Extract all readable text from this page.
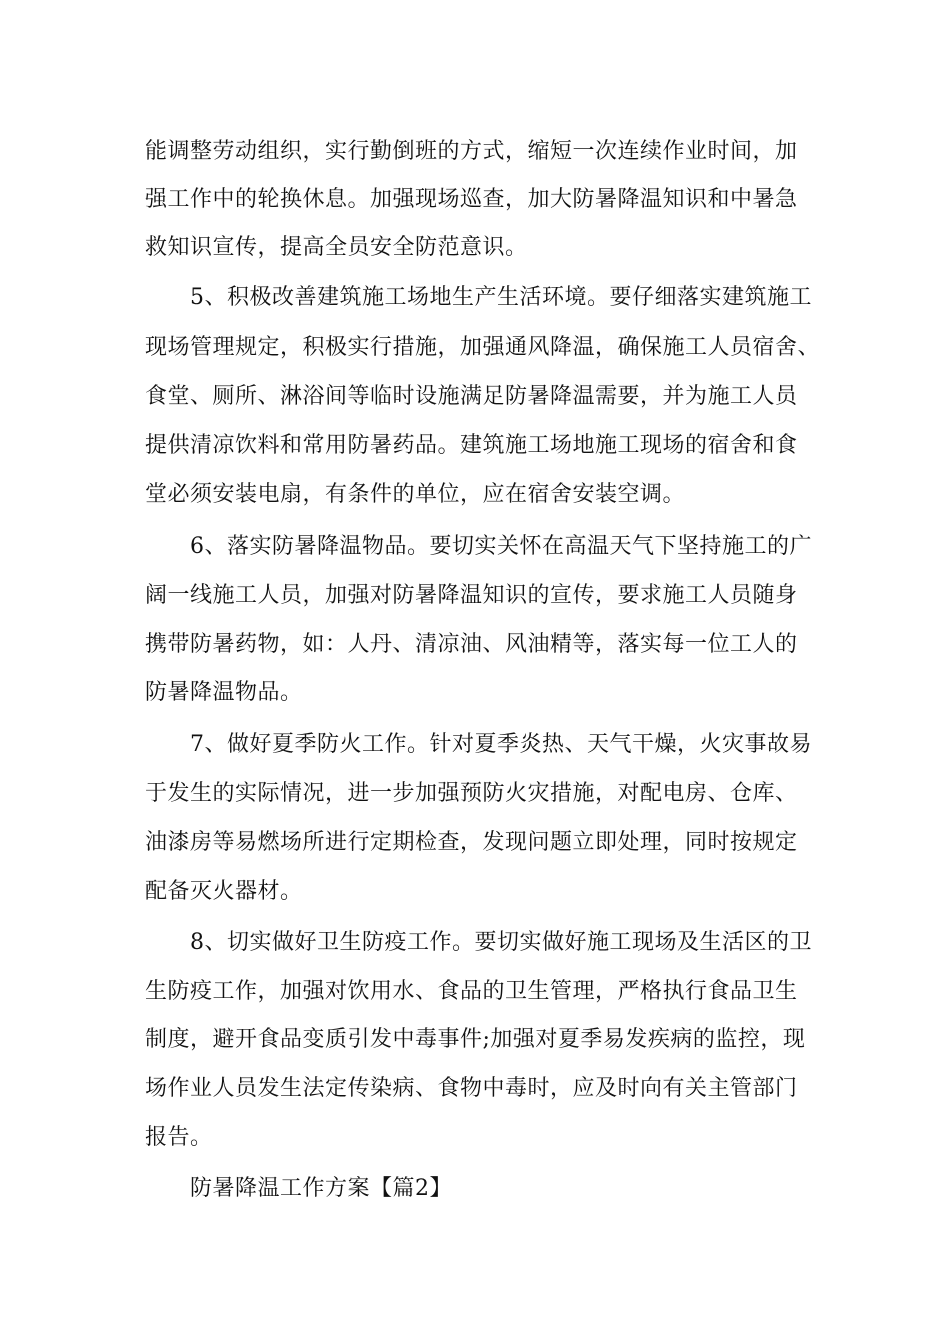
能调整劳动组织，实行勤倒班的方式，缩短一次连续作业时间，加

强工作中的轮换休息。加强现场巡查，加大防暑降温知识和中暑急

救知识宣传，提高全员安全防范意识。

5、积极改善建筑施工场地生产生活环境。要仔细落实建筑施工

现场管理规定，积极实行措施，加强通风降温，确保施工人员宿舍、

食堂、厕所、淋浴间等临时设施满足防暑降温需要，并为施工人员

提供清凉饮料和常用防暑药品。建筑施工场地施工现场的宿舍和食

堂必须安装电扇，有条件的单位，应在宿舍安装空调。

6、落实防暑降温物品。要切实关怀在高温天气下坚持施工的广

阔一线施工人员，加强对防暑降温知识的宣传，要求施工人员随身

携带防暑药物，如：人丹、清凉油、风油精等，落实每一位工人的

防暑降温物品。

7、做好夏季防火工作。针对夏季炎热、天气干燥，火灾事故易

于发生的实际情况，进一步加强预防火灾措施，对配电房、仓库、

油漆房等易燃场所进行定期检查，发现问题立即处理，同时按规定

配备灭火器材。

8、切实做好卫生防疫工作。要切实做好施工现场及生活区的卫

生防疫工作，加强对饮用水、食品的卫生管理，严格执行食品卫生

制度，避开食品变质引发中毒事件;加强对夏季易发疾病的监控，现

场作业人员发生法定传染病、食物中毒时，应及时向有关主管部门

报告。

防暑降温工作方案【篇2】
